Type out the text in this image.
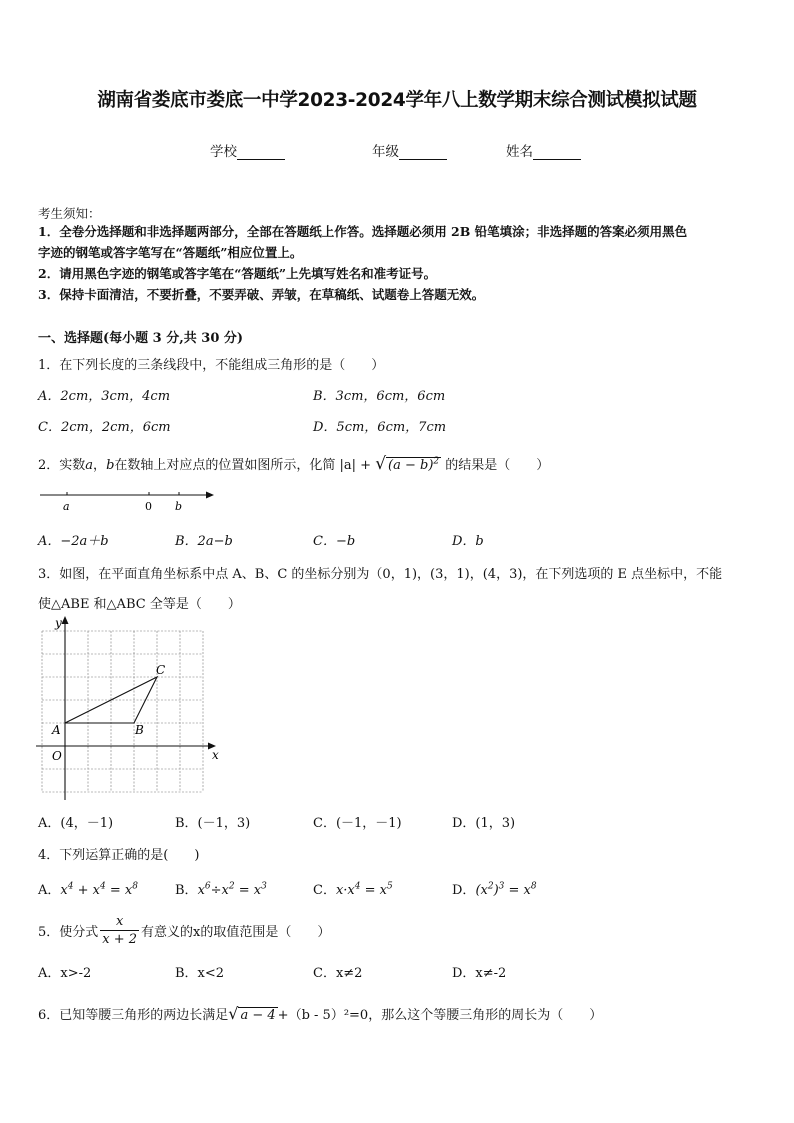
湖南省娄底市娄底一中学2023-2024学年八上数学期末综合测试模拟试题
学校	年级	姓名
考生须知：
1．全卷分选择题和非选择题两部分，全部在答题纸上作答。选择题必须用 2B 铅笔填涂；非选择题的答案必须用黑色
字迹的钢笔或答字笔写在“答题纸”相应位置上。
2．请用黑色字迹的钢笔或答字笔在“答题纸”上先填写姓名和准考证号。
3．保持卡面清洁，不要折叠，不要弄破、弄皱，在草稿纸、试题卷上答题无效。
一、选择题(每小题 3 分,共 30 分)
1．在下列长度的三条线段中，不能组成三角形的是（　　）
A．2cm，3cm，4cm	B．3cm，6cm，6cm
C．2cm，2cm，6cm	D．5cm，6cm，7cm
2．实数a，b在数轴上对应点的位置如图所示，化简 |a| + √ $(a - b)^2$ 的结果是（　　）
a	0 b
A．−2a＋b	B．2a−b	C．−b	D．b
3．如图，在平面直角坐标系中点 A、B、C 的坐标分别为（0，1)，(3，1)，(4，3)，在下列选项的 E 点坐标中，不能
使△ABE 和△ABC 全等是（　　）
y
x
O
A	B
C
A．(4，－1)	B．(－1，3)	C．(－1，－1)	D．(1，3)
4．下列运算正确的是(　　)
A．$x^4 + x^4 = x^8$	B．$x^6\div x^2 = x^3$	C．$x\cdot x^4 = x^5$	D．$(x^2)^3 = x^8$
5．使分式 $\frac{x}{x + 2}$ 有意义的x的取值范围是（　　）
A．x>-2	B．x<2	C．x≠2	D．x≠-2
6．已知等腰三角形的两边长满足√ a − 4 +（b - 5）²=0，那么这个等腰三角形的周长为（　　）
